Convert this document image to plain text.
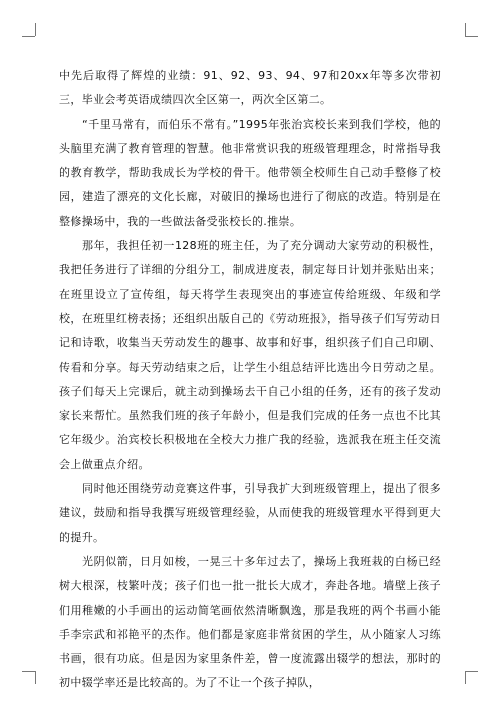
中先后取得了辉煌的业绩：91、92、93、94、97和20xx年等多次带初三，毕业会考英语成绩四次全区第一，两次全区第二。

“千里马常有，而伯乐不常有。”1995年张治宾校长来到我们学校，他的头脑里充满了教育管理的智慧。他非常赏识我的班级管理理念，时常指导我的教育教学，帮助我成长为学校的骨干。他带领全校师生自己动手整修了校园，建造了漂亮的文化长廊，对破旧的操场也进行了彻底的改造。特别是在整修操场中，我的一些做法备受张校长的.推崇。

那年，我担任初一128班的班主任，为了充分调动大家劳动的积极性，我把任务进行了详细的分组分工，制成进度表，制定每日计划并张贴出来；在班里设立了宣传组，每天将学生表现突出的事迹宣传给班级、年级和学校，在班里红榜表扬；还组织出版自己的《劳动班报》，指导孩子们写劳动日记和诗歌，收集当天劳动发生的趣事、故事和好事，组织孩子们自己印刷、传看和分享。每天劳动结束之后，让学生小组总结评比选出今日劳动之星。孩子们每天上完课后，就主动到操场去干自己小组的任务，还有的孩子发动家长来帮忙。虽然我们班的孩子年龄小，但是我们完成的任务一点也不比其它年级少。治宾校长积极地在全校大力推广我的经验，选派我在班主任交流会上做重点介绍。

同时他还围绕劳动竞赛这件事，引导我扩大到班级管理上，提出了很多建议，鼓励和指导我撰写班级管理经验，从而使我的班级管理水平得到更大的提升。

光阴似箭，日月如梭，一晃三十多年过去了，操场上我班栽的白杨已经树大根深，枝繁叶茂；孩子们也一批一批长大成才，奔赴各地。墙壁上孩子们用稚嫩的小手画出的运动简笔画依然清晰飘逸，那是我班的两个书画小能手李宗武和祁艳平的杰作。他们都是家庭非常贫困的学生，从小随家人习练书画，很有功底。但是因为家里条件差，曾一度流露出辍学的想法，那时的初中辍学率还是比较高的。为了不让一个孩子掉队，
